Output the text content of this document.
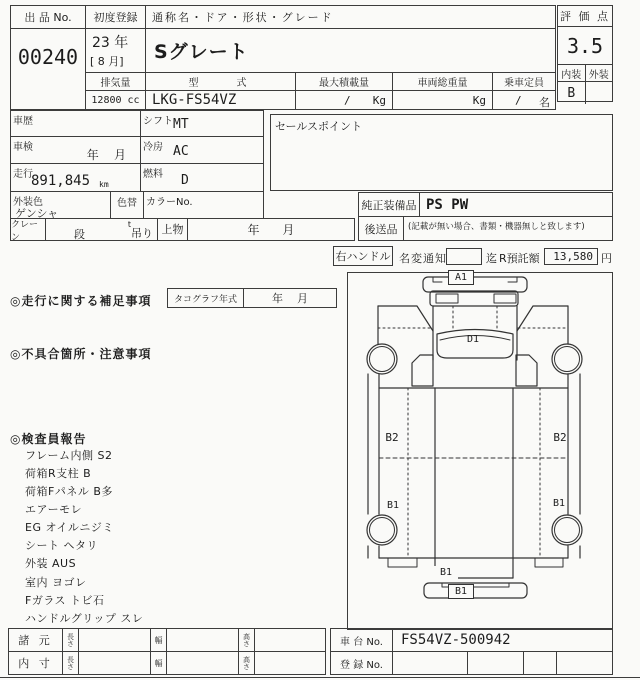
出 品 No.
00240
初度登録
23 年
[ 8 月]
通称名・ドア・形状・グレード
Sグレート
排気量
12800 cc
型　　式
LKG-FS54VZ
最大積載量
/ Kg
車両総重量
Kg
乗車定員
/ 名
評 価 点
3.5
内装 外装
B
車歴	シフト MT
車検
年    月
冷房 AC
走行
891,845 km
燃料 D
外装色
ゲンシャ
色替 カラーNo.
クレーン	段
$^t$吊り 上物	年      月
セールスポイント
純正装備品 PS PW
後送品	(記載が無い場合、書類・機器無しと致します)
右ハンドル 名変通知	迄 R預託額	13,580 円
◎走行に関する補足事項	タコグラフ年式	年    月
◎不具合箇所・注意事項
◎検査員報告
フレーム内側 S2
荷箱R支柱 B
荷箱Fパネル B多
エアーモレ
EG オイルニジミ
シート ヘタリ
外装 AUS
室内 ヨゴレ
Fガラス トビ石
ハンドルグリップ スレ
A1
D1
B2	B2
B1	B1
B1
B1
諸 元	長さ	幅	高さ
内 寸	長さ	幅	高さ
車 台 No.	FS54VZ-500942
登 録 No.
